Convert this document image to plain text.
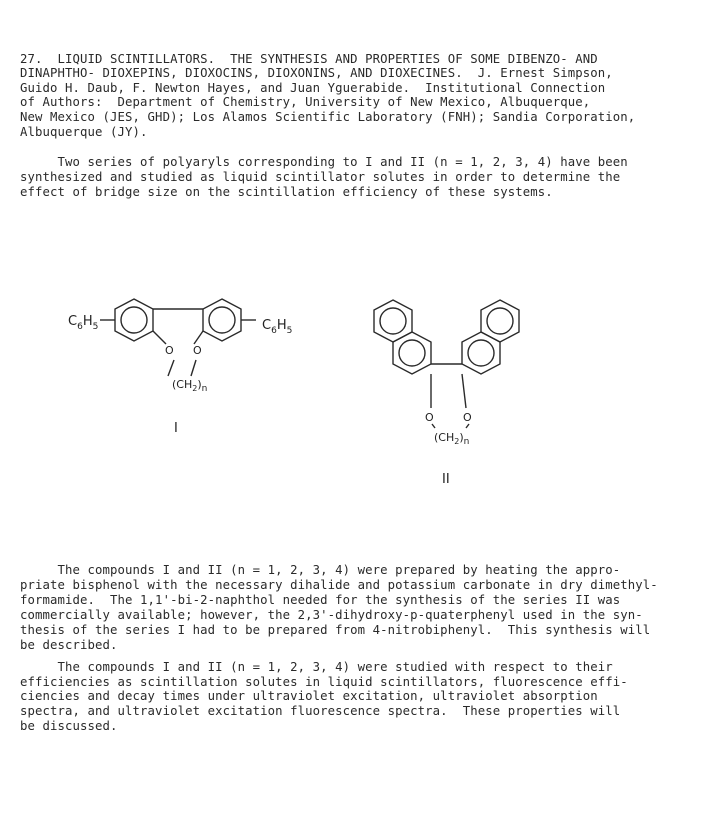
27.  LIQUID SCINTILLATORS.  THE SYNTHESIS AND PROPERTIES OF SOME DIBENZO- AND
DINAPHTHO- DIOXEPINS, DIOXOCINS, DIOXONINS, AND DIOXECINES.  J. Ernest Simpson,
Guido H. Daub, F. Newton Hayes, and Juan Yguerabide.  Institutional Connection
of Authors:  Department of Chemistry, University of New Mexico, Albuquerque,
New Mexico (JES, GHD); Los Alamos Scientific Laboratory (FNH); Sandia Corporation,
Albuquerque (JY).
Two series of polyaryls corresponding to I and II (n = 1, 2, 3, 4) have been
synthesized and studied as liquid scintillator solutes in order to determine the
effect of bridge size on the scintillation efficiency of these systems.
$C_6H_5$	$C_6H_5$
O O
$(CH_2)_n$
I
O	O
$(CH_2)_n$
II
The compounds I and II (n = 1, 2, 3, 4) were prepared by heating the appro-
priate bisphenol with the necessary dihalide and potassium carbonate in dry dimethyl-
formamide.  The 1,1'-bi-2-naphthol needed for the synthesis of the series II was
commercially available; however, the 2,3'-dihydroxy-p-quaterphenyl used in the syn-
thesis of the series I had to be prepared from 4-nitrobiphenyl.  This synthesis will
be described.
The compounds I and II (n = 1, 2, 3, 4) were studied with respect to their
efficiencies as scintillation solutes in liquid scintillators, fluorescence effi-
ciencies and decay times under ultraviolet excitation, ultraviolet absorption
spectra, and ultraviolet excitation fluorescence spectra.  These properties will
be discussed.
